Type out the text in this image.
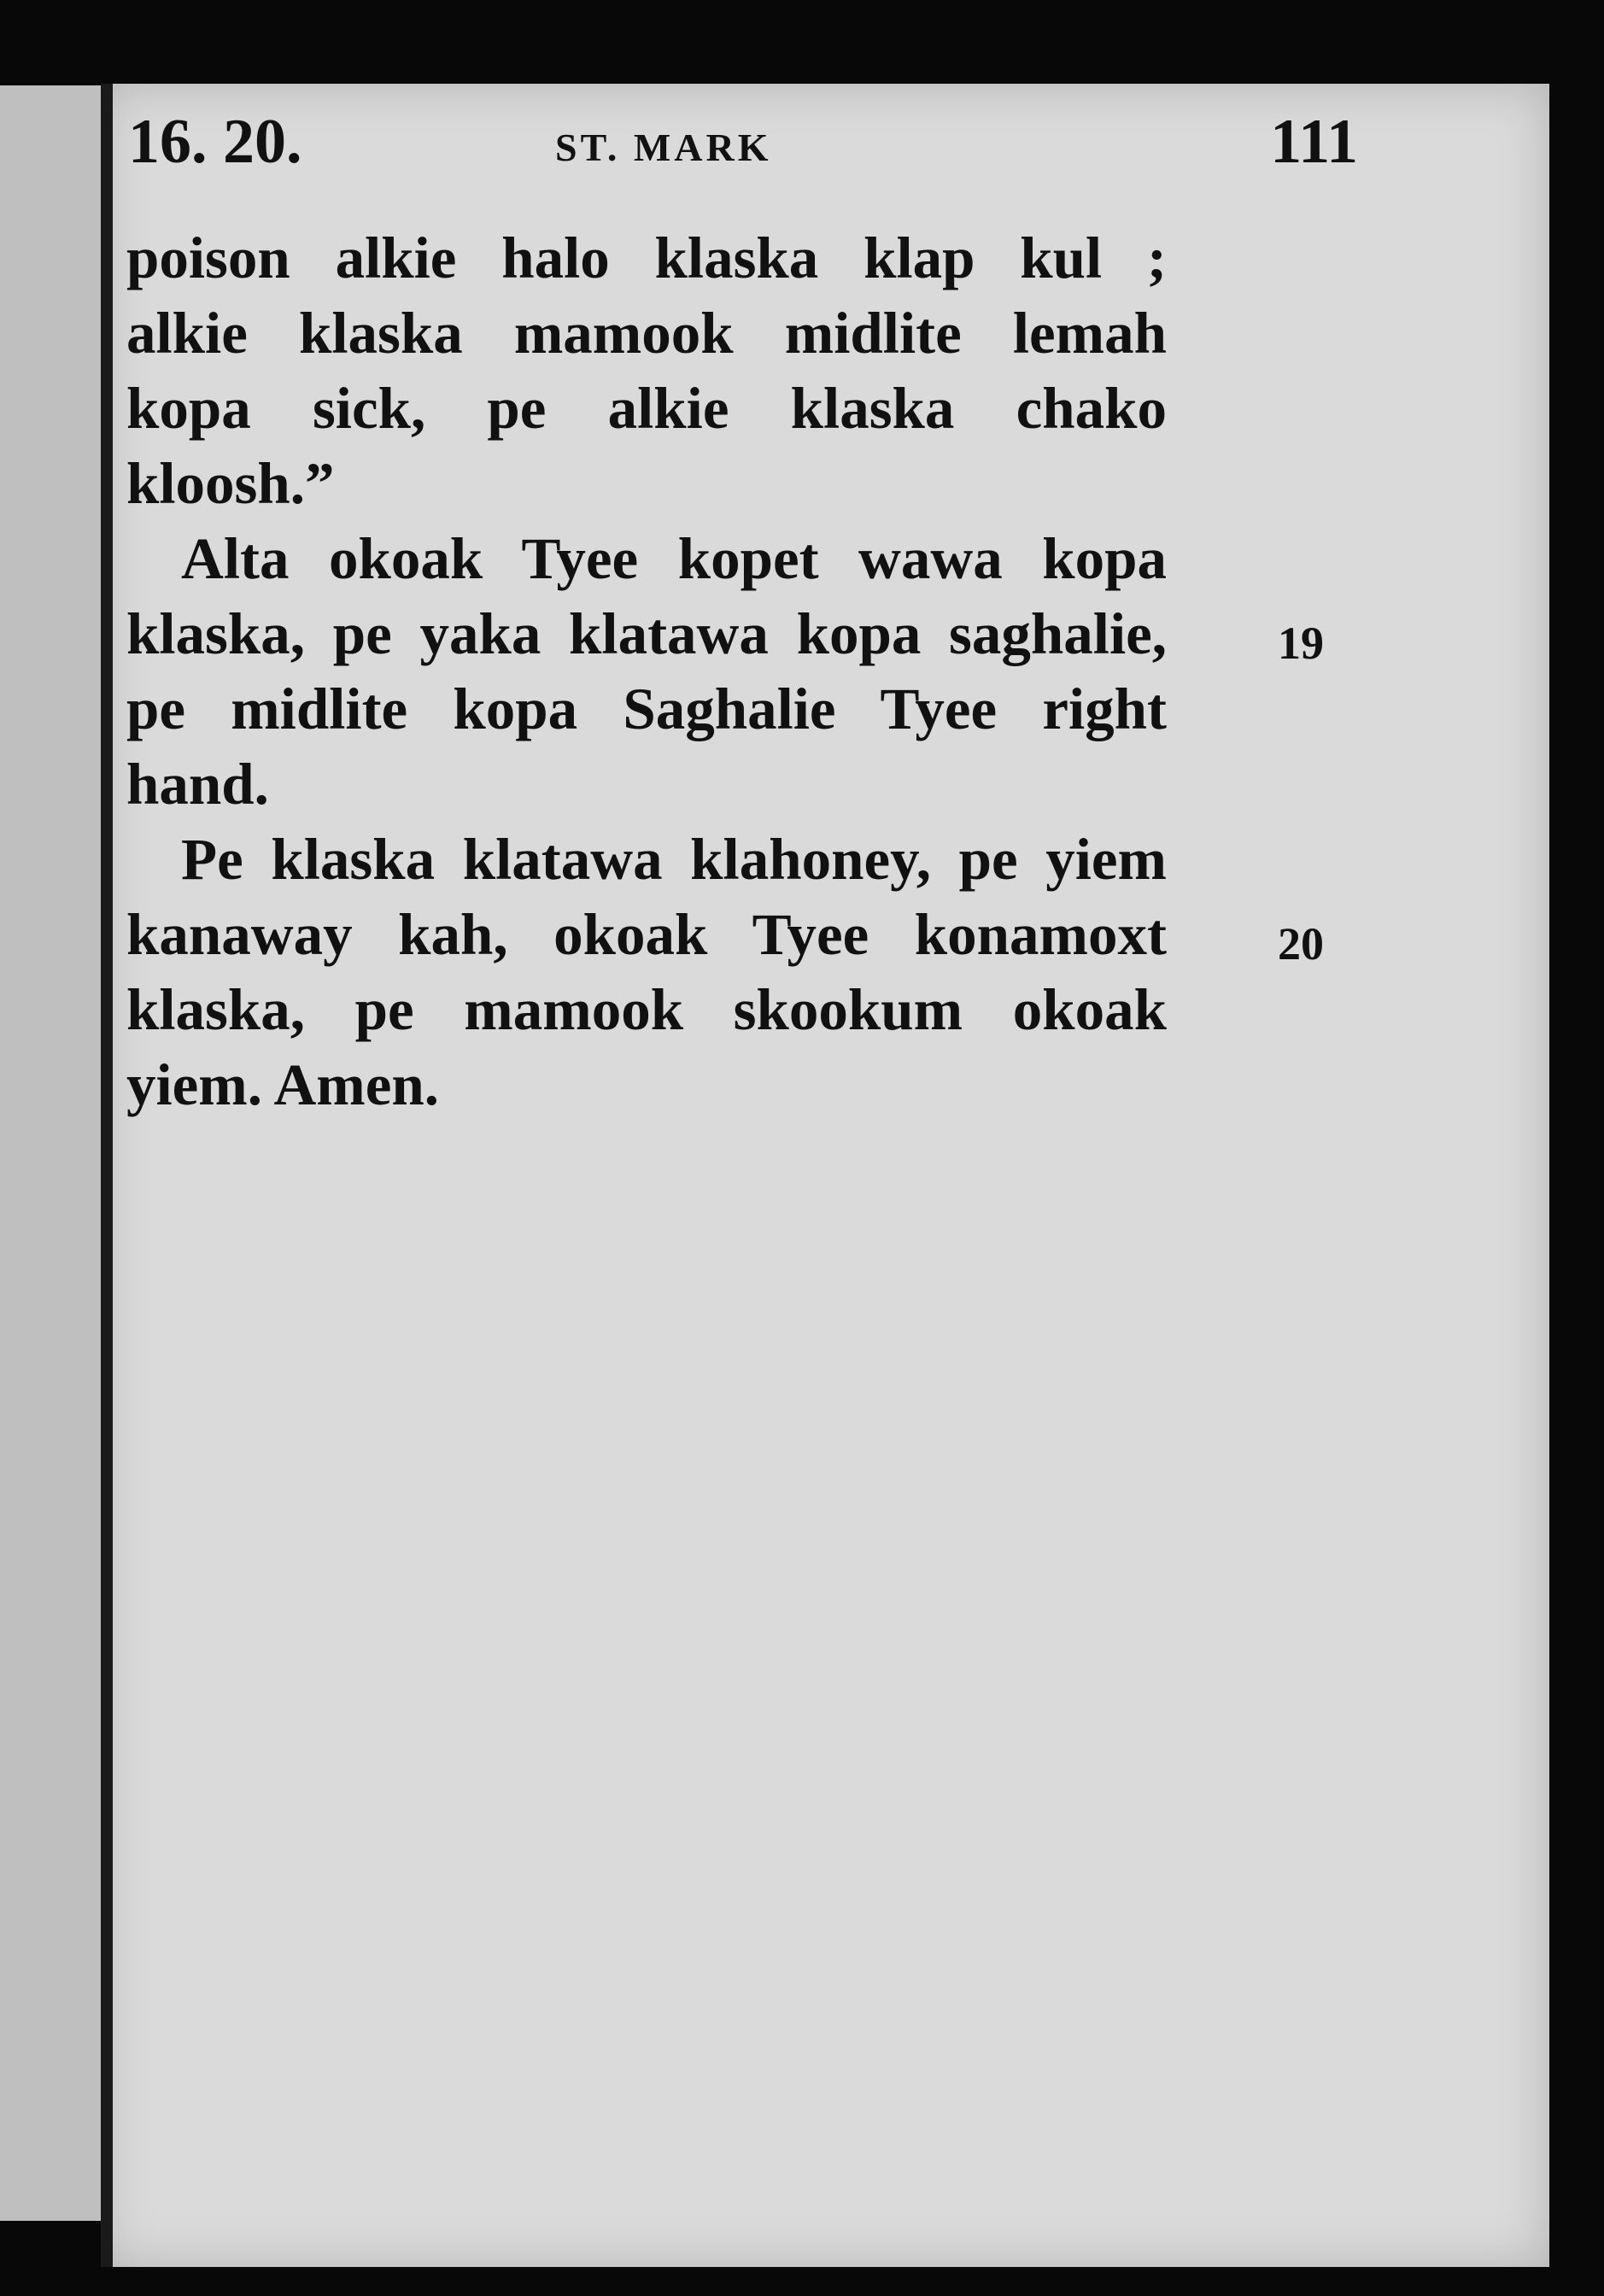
16. 20.	ST. MARK	111
poison alkie halo klaska klap kul ;
alkie klaska mamook midlite lemah
kopa sick, pe alkie klaska chako
kloosh.”
Alta okoak Tyee kopet wawa kopa
klaska, pe yaka klatawa kopa saghalie,
pe midlite kopa Saghalie Tyee right
hand.
Pe klaska klatawa klahoney, pe yiem
kanaway kah, okoak Tyee konamoxt
klaska, pe mamook skookum okoak
yiem. Amen.
19
20
